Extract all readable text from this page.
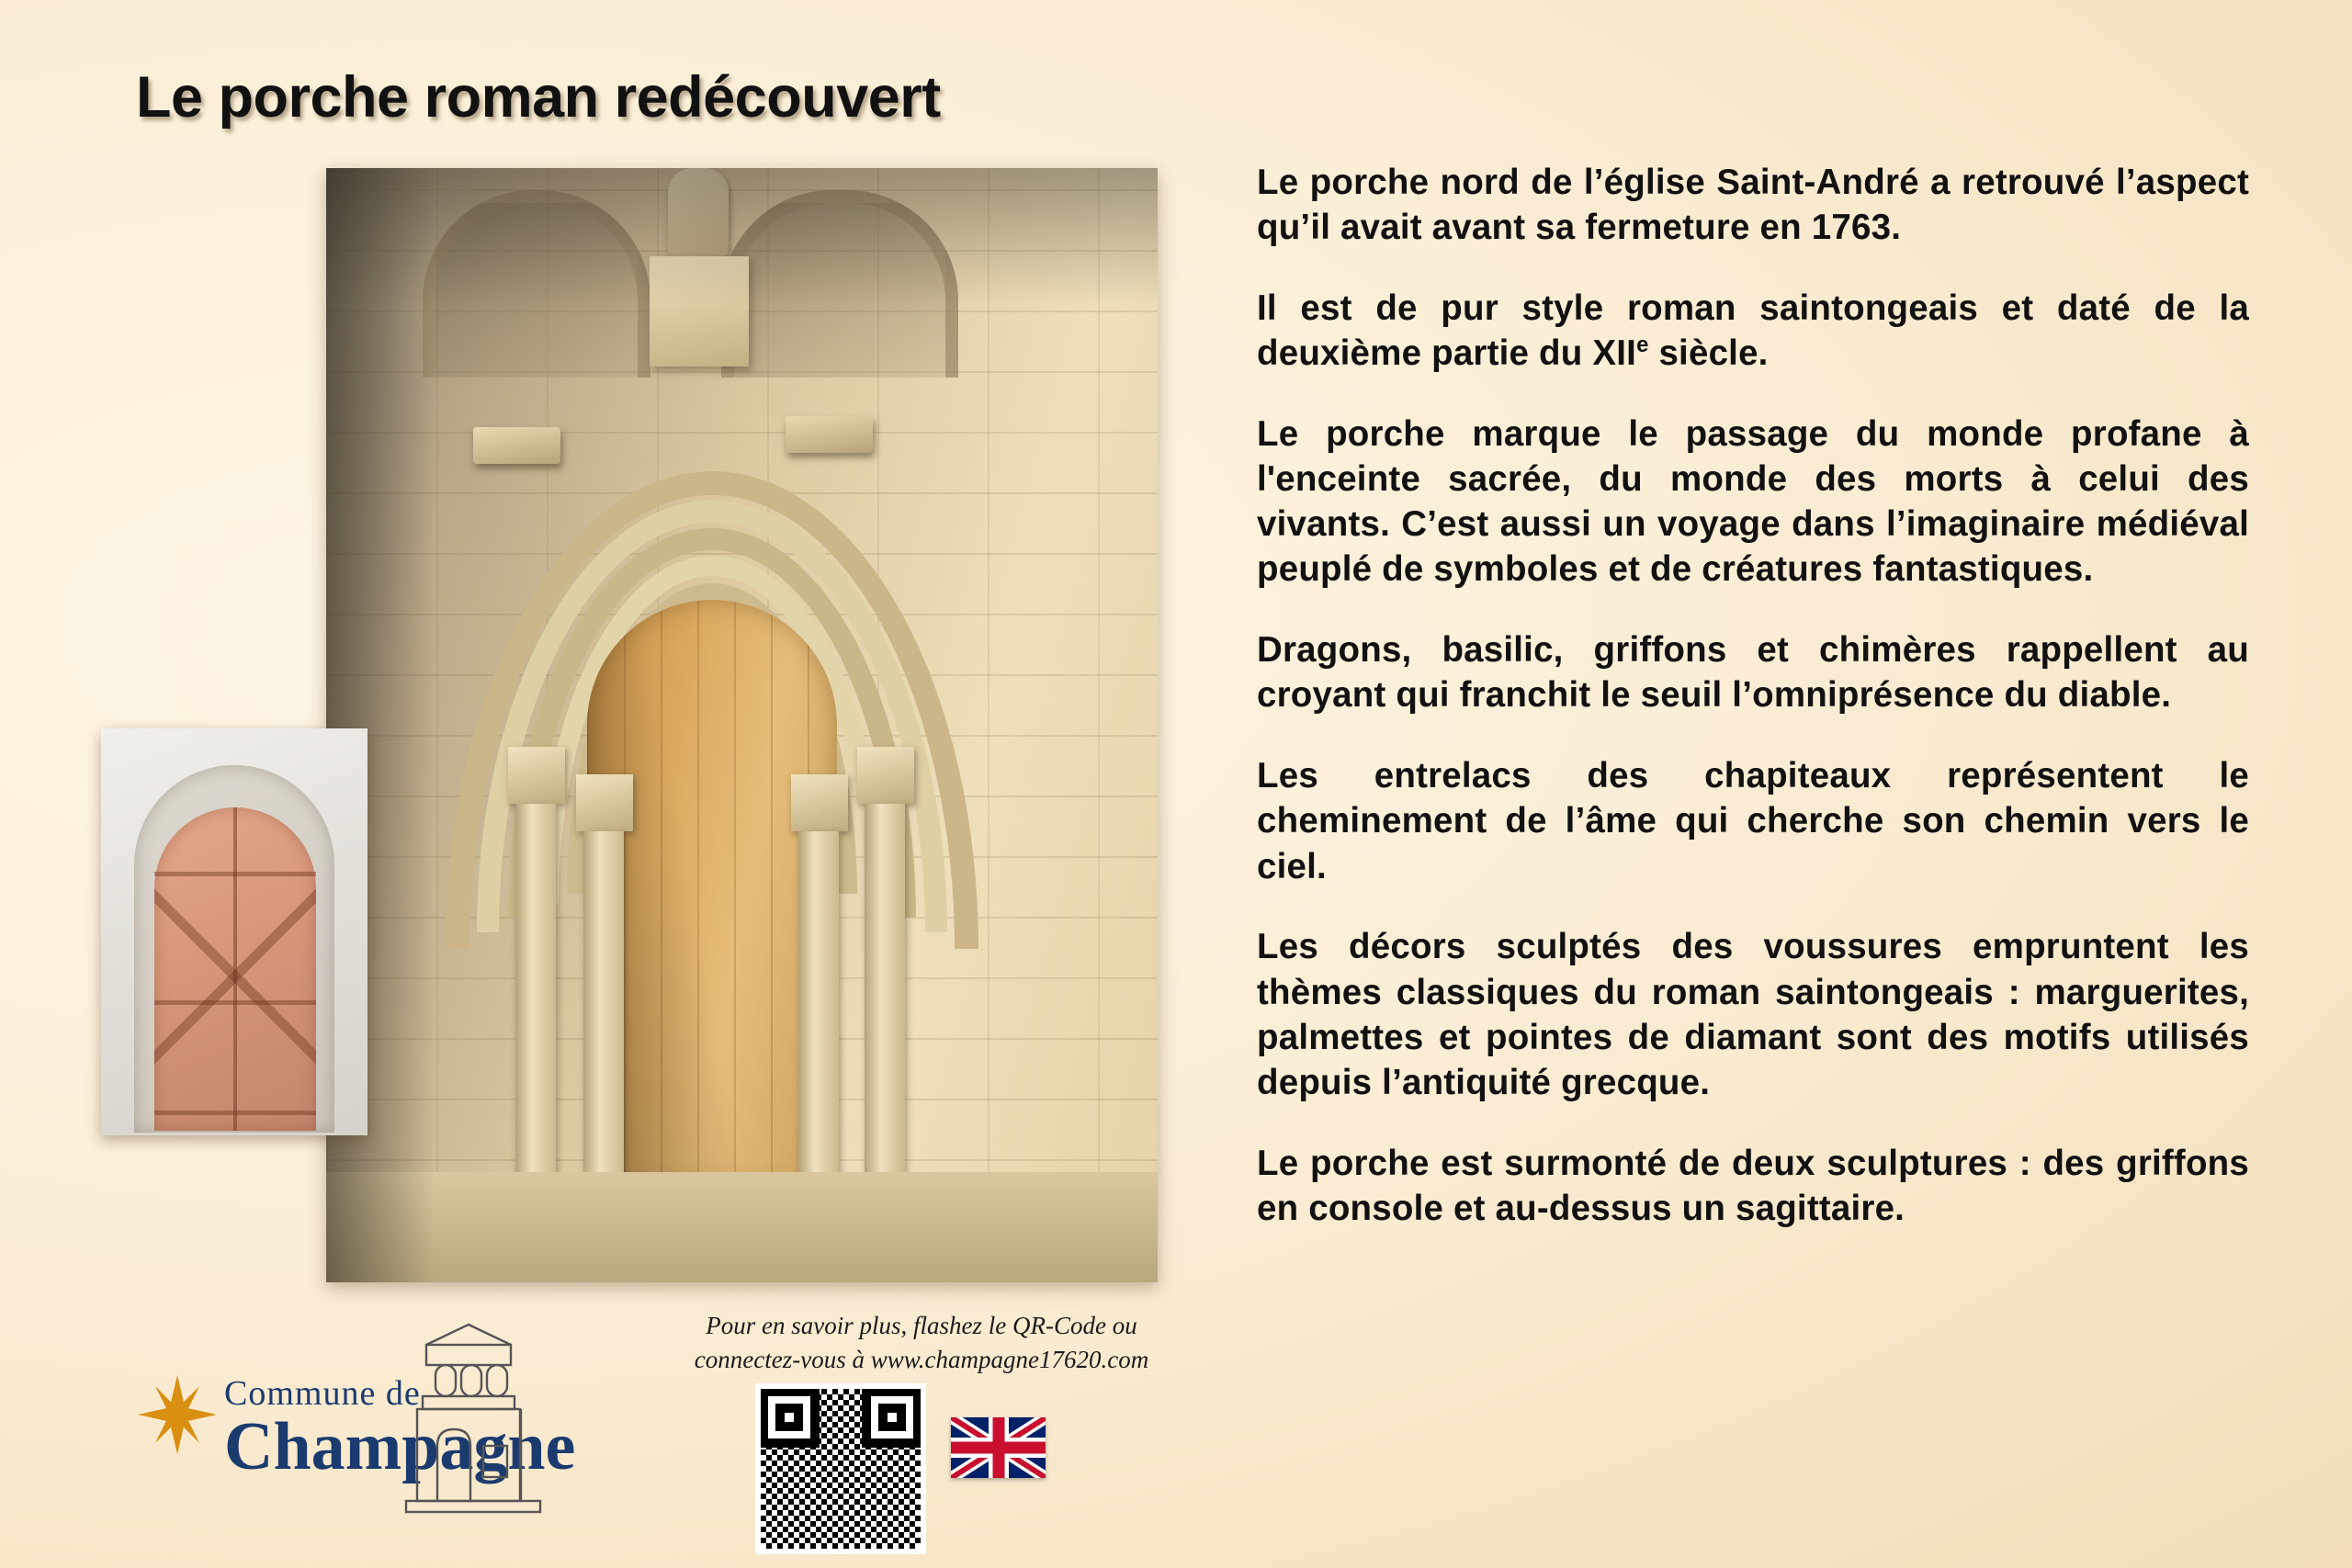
Le porche roman redécouvert
Pour en savoir plus, flashez le QR-Code ou
connectez-vous à www.champagne17620.com
Commune de
Champagne

Le porche nord de l’église Saint-André a retrouvé l’aspect qu’il avait avant sa fermeture en 1763.

Il est de pur style roman saintongeais et daté de la deuxième partie du XIIe siècle.

Le porche marque le passage du monde profane à l'enceinte sacrée, du monde des morts à celui des vivants. C’est aussi un voyage dans l’imaginaire médiéval peuplé de symboles et de créatures fantastiques.

Dragons, basilic, griffons et chimères rappellent au croyant qui franchit le seuil l’omniprésence du diable.

Les entrelacs des chapiteaux représentent le cheminement de l’âme qui cherche son chemin vers le ciel.

Les décors sculptés des voussures empruntent les thèmes classiques du roman saintongeais : marguerites, palmettes et pointes de diamant sont des motifs utilisés depuis l’antiquité grecque.

Le porche est surmonté de deux sculptures : des griffons en console et au-dessus un sagittaire.
